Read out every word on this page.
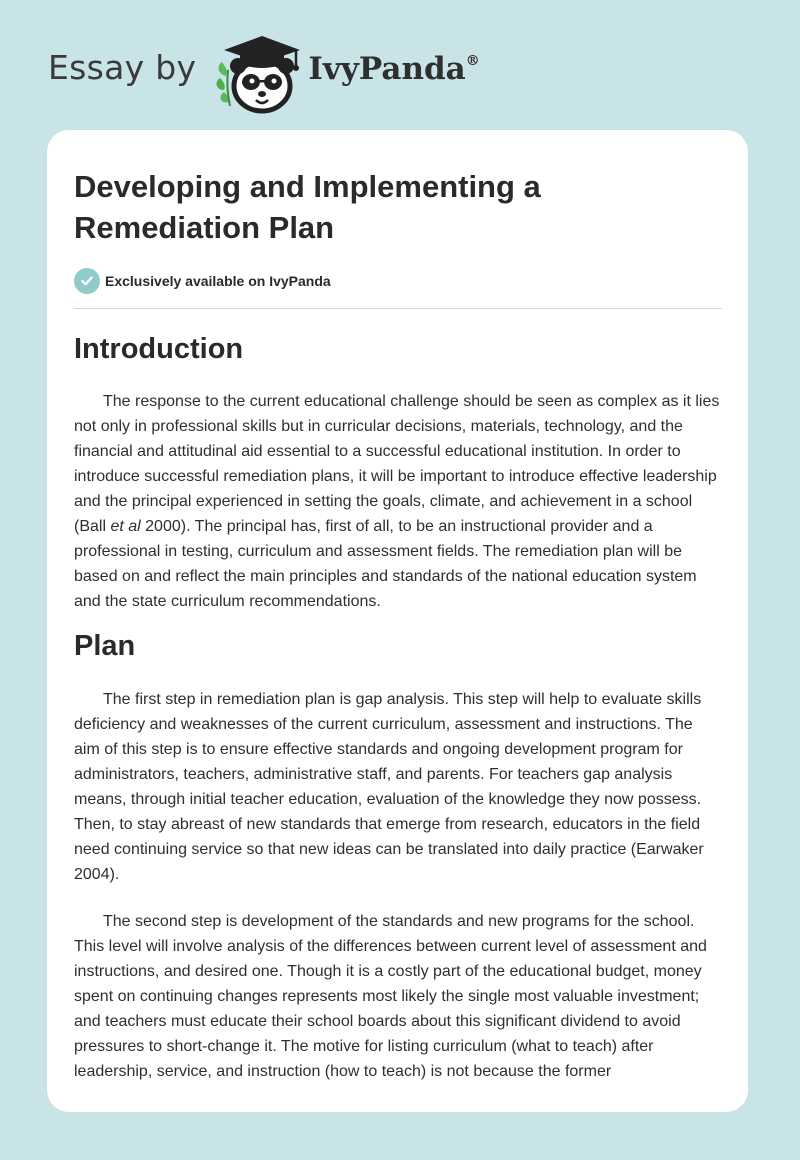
Essay by	IvyPanda®
Developing and Implementing a Remediation Plan
Exclusively available on IvyPanda
Introduction

The response to the current educational challenge should be seen as complex as it lies not only in professional skills but in curricular decisions, materials, technology, and the financial and attitudinal aid essential to a successful educational institution. In order to introduce successful remediation plans, it will be important to introduce effective leadership and the principal experienced in setting the goals, climate, and achievement in a school (Ball et al 2000). The principal has, first of all, to be an instructional provider and a professional in testing, curriculum and assessment fields. The remediation plan will be based on and reflect the main principles and standards of the national education system and the state curriculum recommendations.

Plan

The first step in remediation plan is gap analysis. This step will help to evaluate skills deficiency and weaknesses of the current curriculum, assessment and instructions. The aim of this step is to ensure effective standards and ongoing development program for administrators, teachers, administrative staff, and parents. For teachers gap analysis means, through initial teacher education, evaluation of the knowledge they now possess. Then, to stay abreast of new standards that emerge from research, educators in the field need continuing service so that new ideas can be translated into daily practice (Earwaker 2004).

The second step is development of the standards and new programs for the school. This level will involve analysis of the differences between current level of assessment and instructions, and desired one. Though it is a costly part of the educational budget, money spent on continuing changes represents most likely the single most valuable investment; and teachers must educate their school boards about this significant dividend to avoid pressures to short-change it. The motive for listing curriculum (what to teach) after leadership, service, and instruction (how to teach) is not because the former
